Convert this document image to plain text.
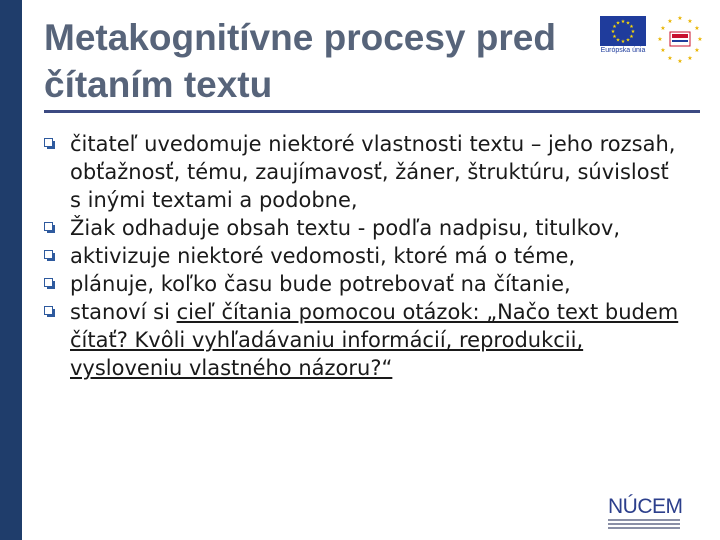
Metakognitívne procesy pred čítaním textu
★ ★
★
★
★
★
★
★
★
★
★
★
Európska únia
★ ★
★
★
★
★
★
★
★
★
★
★

čitateľ uvedomuje niektoré vlastnosti textu – jeho rozsah, obťažnosť, tému, zaujímavosť, žáner, štruktúru, súvislosť s inými textami a podobne,

Žiak odhaduje obsah textu - podľa nadpisu, titulkov,

aktivizuje niektoré vedomosti, ktoré má o téme,

plánuje, koľko času bude potrebovať na čítanie,

stanoví si cieľ čítania pomocou otázok: „Načo text budem čítať? Kvôli vyhľadávaniu informácií, reprodukcii, vysloveniu vlastného názoru?“

NÚCEM
